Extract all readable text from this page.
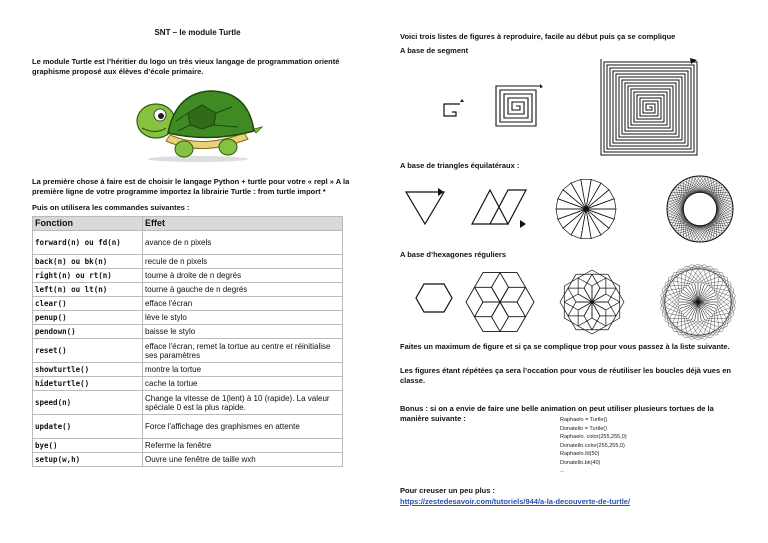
SNT – le module Turtle
Le module Turtle est l’héritier du logo un très vieux langage de programmation orienté graphisme proposé aux élèves d’école primaire.
La première chose à faire est de choisir le langage Python + turtle pour votre « repl » A la première ligne de votre programme importez la librairie Turtle : from turtle import *
Puis on utilisera les commandes suivantes :
Fonction	Effet
forward(n) ou fd(n)	avance de n pixels
back(n) ou bk(n)	recule de n pixels
right(n) ou rt(n)	tourne à droite de n degrés
left(n) ou lt(n)	tourne à gauche de n degrés
clear()	efface l'écran
penup()	lève le stylo
pendown()	baisse le stylo
reset()	efface l'écran, remet la tortue au centre et réinitialise ses paramètres
showturtle()	montre la tortue
hideturtle()	cache la tortue
speed(n)	Change la vitesse de 1(lent) à 10 (rapide). La valeur spéciale 0 est la plus rapide.
update()	Force l'affichage des graphismes en attente
bye()	Referme la fenêtre
setup(w,h)	Ouvre une fenêtre de taille wxh
Voici trois listes de figures à reproduire, facile au début puis ça se complique
A base de segment
A base de triangles équilatéraux :
A base d’hexagones réguliers
Faites un maximum de figure et si ça se complique trop pour vous passez à la liste suivante.
Les figures étant répétées ça sera l’occation pour vous de réutiliser les boucles déjà vues en classe.
Bonus : si on a envie de faire une belle animation on peut utiliser plusieurs tortues de la manière suivante :	Raphaelo = Turtle()
Donatello = Turtle()
Raphaelo. color(255,255,0)
Donatello.color(255,255,0)
Raphaelo.fd(50)
Donatello.bk(40)
...
Pour creuser un peu plus :
https://zestedesavoir.com/tutoriels/944/a-la-decouverte-de-turtle/
